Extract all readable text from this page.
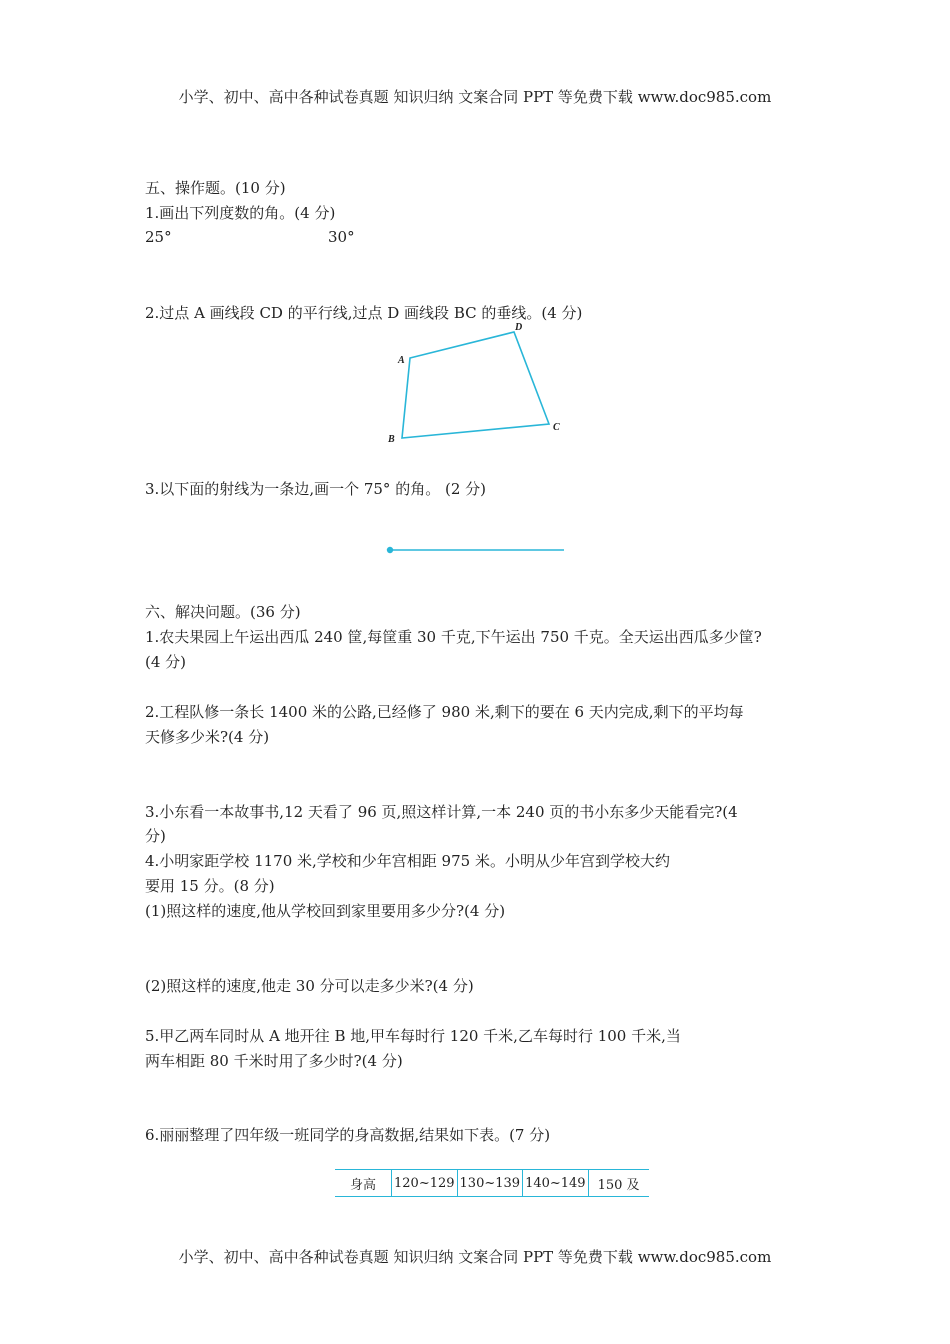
小学、初中、高中各种试卷真题 知识归纳 文案合同 PPT 等免费下载 www.doc985.com
五、操作题。(10 分)
1.画出下列度数的角。(4 分)
25°	30°
2.过点 A 画线段 CD 的平行线,过点 D 画线段 BC 的垂线。(4 分)
A
D
C
B
3.以下面的射线为一条边,画一个 75° 的角。 (2 分)
六、解决问题。(36 分)
1.农夫果园上午运出西瓜 240 筐,每筐重 30 千克,下午运出 750 千克。全天运出西瓜多少筐?
(4 分)
2.工程队修一条长 1400 米的公路,已经修了 980 米,剩下的要在 6 天内完成,剩下的平均每
天修多少米?(4 分)
3.小东看一本故事书,12 天看了 96 页,照这样计算,一本 240 页的书小东多少天能看完?(4
分)
4.小明家距学校 1170 米,学校和少年宫相距 975 米。小明从少年宫到学校大约
要用 15 分。(8 分)
(1)照这样的速度,他从学校回到家里要用多少分?(4 分)
(2)照这样的速度,他走 30 分可以走多少米?(4 分)
5.甲乙两车同时从 A 地开往 B 地,甲车每时行 120 千米,乙车每时行 100 千米,当
两车相距 80 千米时用了多少时?(4 分)
6.丽丽整理了四年级一班同学的身高数据,结果如下表。(7 分)
身高	120~129	130~139	140~149	150 及
小学、初中、高中各种试卷真题 知识归纳 文案合同 PPT 等免费下载 www.doc985.com
